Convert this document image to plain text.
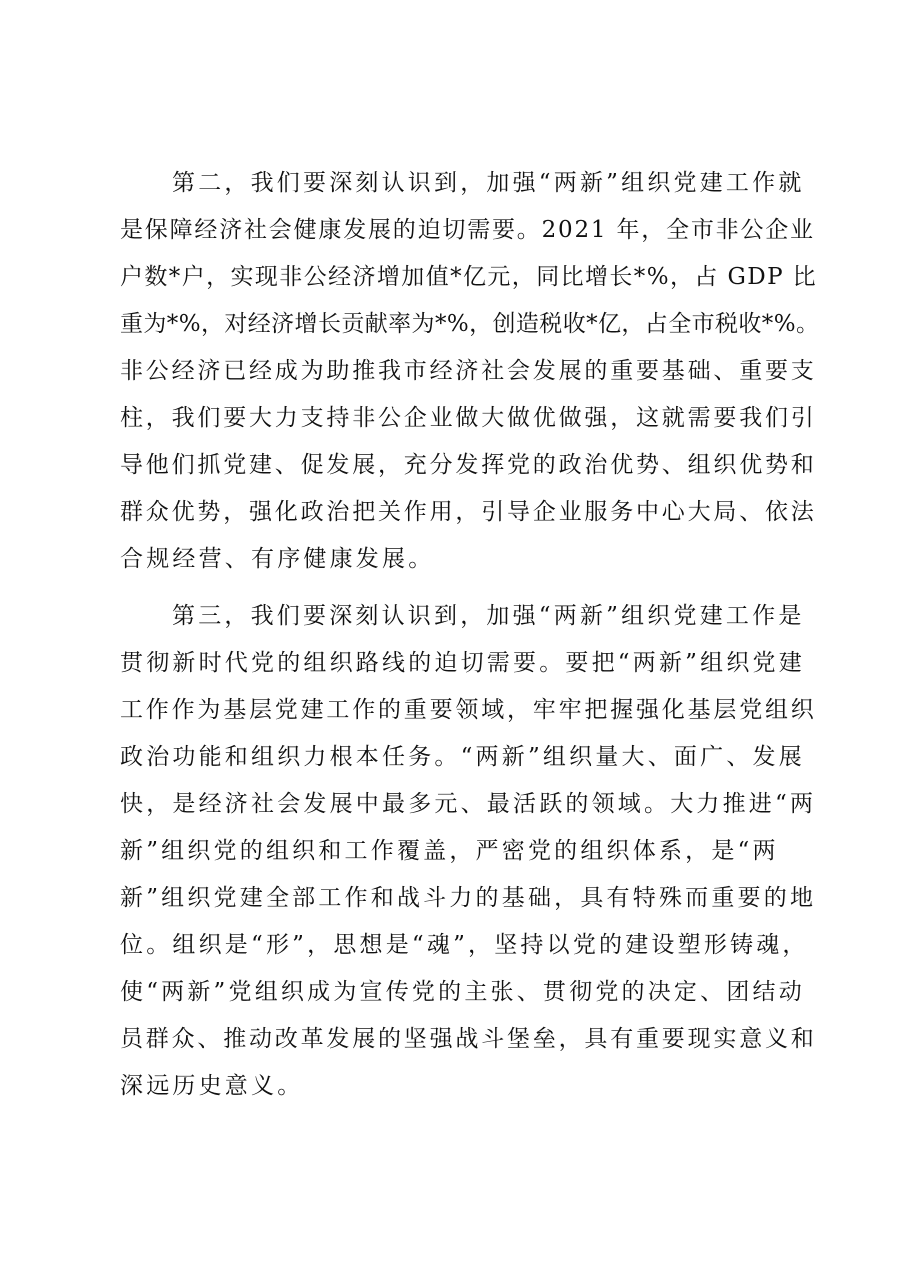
第二，我们要深刻认识到，加强“两新”组织党建工作就
是保障经济社会健康发展的迫切需要。2021 年，全市非公企业
户数*户，实现非公经济增加值*亿元，同比增长*%，占 GDP 比
重为*%，对经济增长贡献率为*%，创造税收*亿，占全市税收*%。
非公经济已经成为助推我市经济社会发展的重要基础、重要支
柱，我们要大力支持非公企业做大做优做强，这就需要我们引
导他们抓党建、促发展，充分发挥党的政治优势、组织优势和
群众优势，强化政治把关作用，引导企业服务中心大局、依法
合规经营、有序健康发展。
第三，我们要深刻认识到，加强“两新”组织党建工作是
贯彻新时代党的组织路线的迫切需要。要把“两新”组织党建
工作作为基层党建工作的重要领域，牢牢把握强化基层党组织
政治功能和组织力根本任务。“两新”组织量大、面广、发展
快，是经济社会发展中最多元、最活跃的领域。大力推进“两
新”组织党的组织和工作覆盖，严密党的组织体系，是“两
新”组织党建全部工作和战斗力的基础，具有特殊而重要的地
位。组织是“形”，思想是“魂”，坚持以党的建设塑形铸魂，
使“两新”党组织成为宣传党的主张、贯彻党的决定、团结动
员群众、推动改革发展的坚强战斗堡垒，具有重要现实意义和
深远历史意义。
